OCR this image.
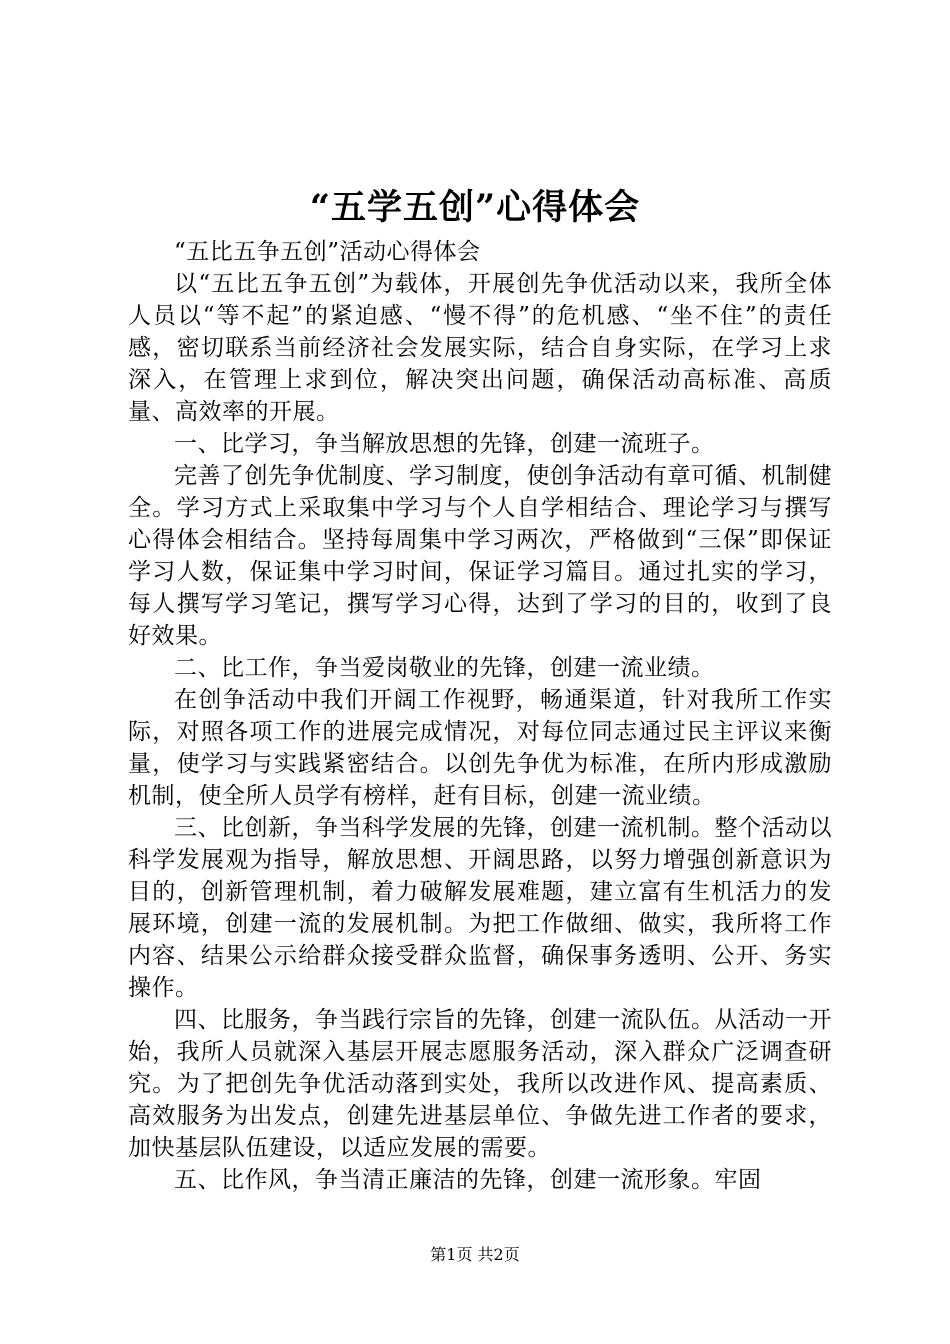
“五学五创”心得体会

“五比五争五创”活动心得体会

以“五比五争五创”为载体，开展创先争优活动以来，我所全体人员以“等不起”的紧迫感、“慢不得”的危机感、“坐不住”的责任感，密切联系当前经济社会发展实际，结合自身实际，在学习上求深入，在管理上求到位，解决突出问题，确保活动高标准、高质量、高效率的开展。

一、比学习，争当解放思想的先锋，创建一流班子。

完善了创先争优制度、学习制度，使创争活动有章可循、机制健全。学习方式上采取集中学习与个人自学相结合、理论学习与撰写心得体会相结合。坚持每周集中学习两次，严格做到“三保”即保证学习人数，保证集中学习时间，保证学习篇目。通过扎实的学习，每人撰写学习笔记，撰写学习心得，达到了学习的目的，收到了良好效果。

二、比工作，争当爱岗敬业的先锋，创建一流业绩。

在创争活动中我们开阔工作视野，畅通渠道，针对我所工作实际，对照各项工作的进展完成情况，对每位同志通过民主评议来衡量，使学习与实践紧密结合。以创先争优为标准，在所内形成激励机制，使全所人员学有榜样，赶有目标，创建一流业绩。

三、比创新，争当科学发展的先锋，创建一流机制。整个活动以科学发展观为指导，解放思想、开阔思路，以努力增强创新意识为目的，创新管理机制，着力破解发展难题，建立富有生机活力的发展环境，创建一流的发展机制。为把工作做细、做实，我所将工作内容、结果公示给群众接受群众监督，确保事务透明、公开、务实操作。

四、比服务，争当践行宗旨的先锋，创建一流队伍。从活动一开始，我所人员就深入基层开展志愿服务活动，深入群众广泛调查研究。为了把创先争优活动落到实处，我所以改进作风、提高素质、高效服务为出发点，创建先进基层单位、争做先进工作者的要求，加快基层队伍建设，以适应发展的需要。

五、比作风，争当清正廉洁的先锋，创建一流形象。牢固

第1页 共2页
